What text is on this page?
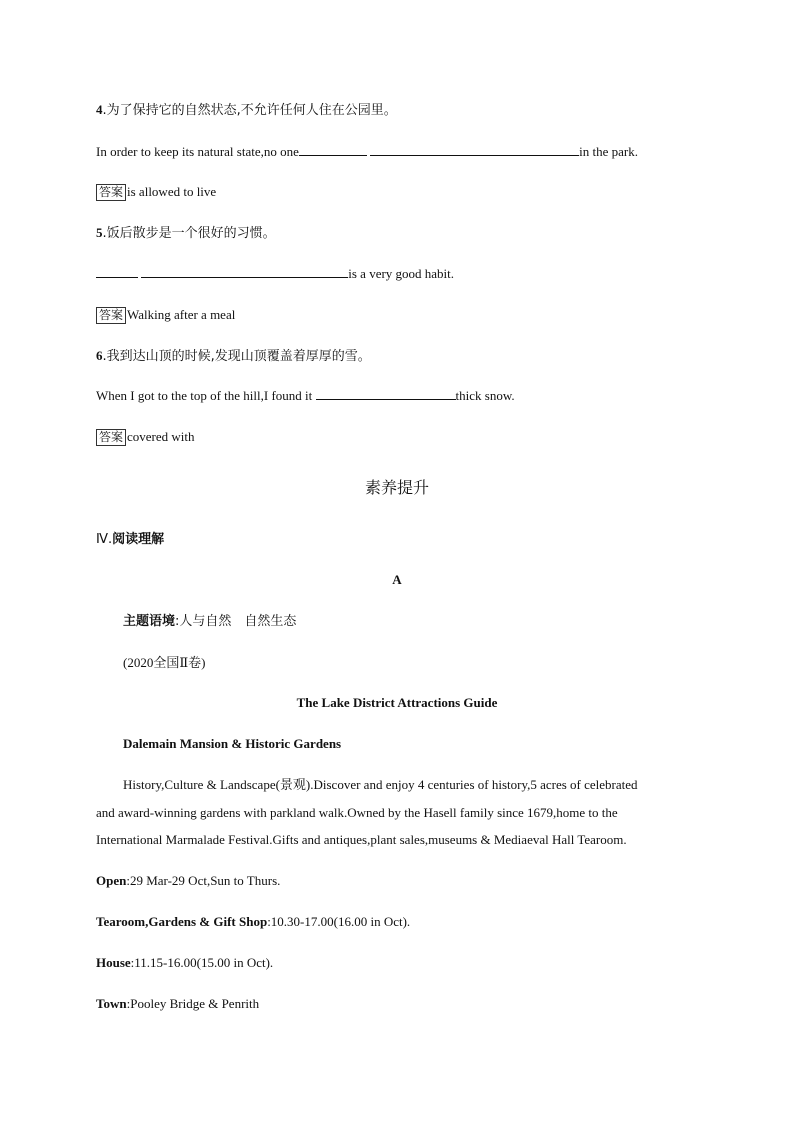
4.为了保持它的自然状态,不允许任何人住在公园里。
In order to keep its natural state,no one	in the park.
答案 is allowed to live
5.饭后散步是一个很好的习惯。
is a very good habit.
答案 Walking after a meal
6.我到达山顶的时候,发现山顶覆盖着厚厚的雪。
When I got to the top of the hill,I found it	thick snow.
答案 covered with
素养提升
Ⅳ.阅读理解
A
主题语境:人与自然　自然生态
(2020全国Ⅱ卷)
The Lake District Attractions Guide
Dalemain Mansion & Historic Gardens
History,Culture & Landscape(景观).Discover and enjoy 4 centuries of history,5 acres of celebrated
and award-winning gardens with parkland walk.Owned by the Hasell family since 1679,home to the
International Marmalade Festival.Gifts and antiques,plant sales,museums & Mediaeval Hall Tearoom.
Open:29 Mar-29 Oct,Sun to Thurs.
Tearoom,Gardens & Gift Shop:10.30-17.00(16.00 in Oct).
House:11.15-16.00(15.00 in Oct).
Town:Pooley Bridge & Penrith
